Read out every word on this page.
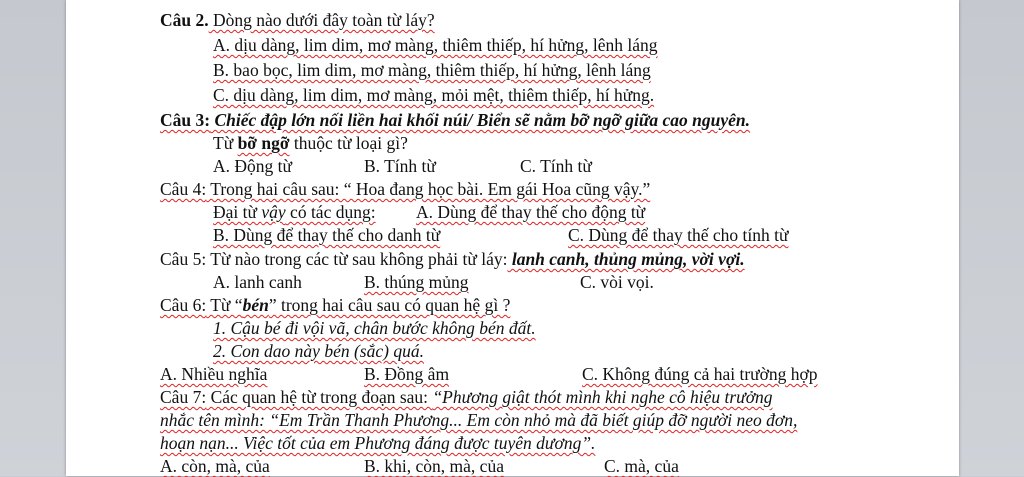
Câu 2. Dòng nào dưới đây toàn từ láy?
A. dịu dàng, lim dim, mơ màng, thiêm thiếp, hí hửng, lênh láng
B. bao bọc, lim dim, mơ màng, thiêm thiếp, hí hửng, lênh láng
C. dịu dàng, lim dim, mơ màng, mỏi mệt, thiêm thiếp, hí hửng.
Câu 3: Chiếc đập lớn nối liền hai khối núi/ Biển sẽ nằm bỡ ngỡ giữa cao nguyên.
Từ bỡ ngỡ thuộc từ loại gì?
A. Động từ	B. Tính từ	C. Tính từ
Câu 4: Trong hai câu sau: “ Hoa đang học bài. Em gái Hoa cũng vậy.”
Đại từ vậy có tác dụng: A. Dùng để thay thế cho động từ
B. Dùng để thay thế cho danh từ	C. Dùng để thay thế cho tính từ
Câu 5: Từ nào trong các từ sau không phải từ láy: lanh canh, thủng mủng, vời vợi.
A. lanh canh	B. thúng mủng	C. vòi vọi.
Câu 6: Từ “bén” trong hai câu sau có quan hệ gì ?
1. Cậu bé đi vội vã, chân bước không bén đất.
2. Con dao này bén (sắc) quá.
A. Nhiều nghĩa	B. Đồng âm	C. Không đúng cả hai trường hợp
Câu 7: Các quan hệ từ trong đoạn sau: “Phương giật thót mình khi nghe cô hiệu trưởng
nhắc tên mình: “Em Trần Thanh Phương... Em còn nhỏ mà đã biết giúp đỡ người neo đơn,
hoạn nạn... Việc tốt của em Phương đáng được tuyên dương”.
A. còn, mà, của	B. khi, còn, mà, của	C. mà, của
